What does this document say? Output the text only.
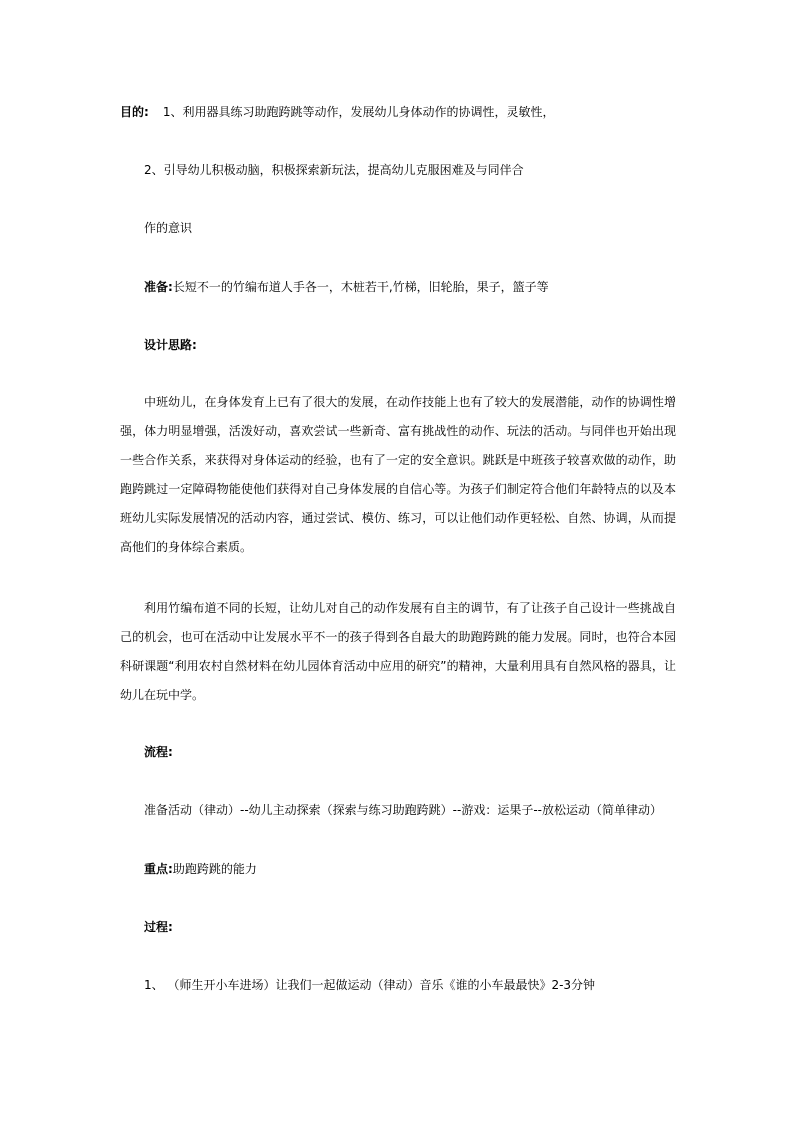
目的: 1、利用器具练习助跑跨跳等动作，发展幼儿身体动作的协调性，灵敏性，
2、引导幼儿积极动脑，积极探索新玩法，提高幼儿克服困难及与同伴合
作的意识
准备:长短不一的竹编布道人手各一，木桩若干,竹梯，旧轮胎，果子，篮子等
设计思路:
中班幼儿，在身体发育上已有了很大的发展，在动作技能上也有了较大的发展潜能，动作的协调性增强，体力明显增强，活泼好动，喜欢尝试一些新奇、富有挑战性的动作、玩法的活动。与同伴也开始出现一些合作关系，来获得对身体运动的经验，也有了一定的安全意识。跳跃是中班孩子较喜欢做的动作，助跑跨跳过一定障碍物能使他们获得对自己身体发展的自信心等。为孩子们制定符合他们年龄特点的以及本班幼儿实际发展情况的活动内容，通过尝试、模仿、练习，可以让他们动作更轻松、自然、协调，从而提高他们的身体综合素质。
利用竹编布道不同的长短，让幼儿对自己的动作发展有自主的调节，有了让孩子自己设计一些挑战自己的机会，也可在活动中让发展水平不一的孩子得到各自最大的助跑跨跳的能力发展。同时，也符合本园科研课题“利用农村自然材料在幼儿园体育活动中应用的研究”的精神，大量利用具有自然风格的器具，让幼儿在玩中学。
流程:
准备活动（律动）--幼儿主动探索（探索与练习助跑跨跳）--游戏：运果子--放松运动（简单律动）
重点:助跑跨跳的能力
过程:
1、 （师生开小车进场）让我们一起做运动（律动）音乐《谁的小车最最快》2-3分钟
